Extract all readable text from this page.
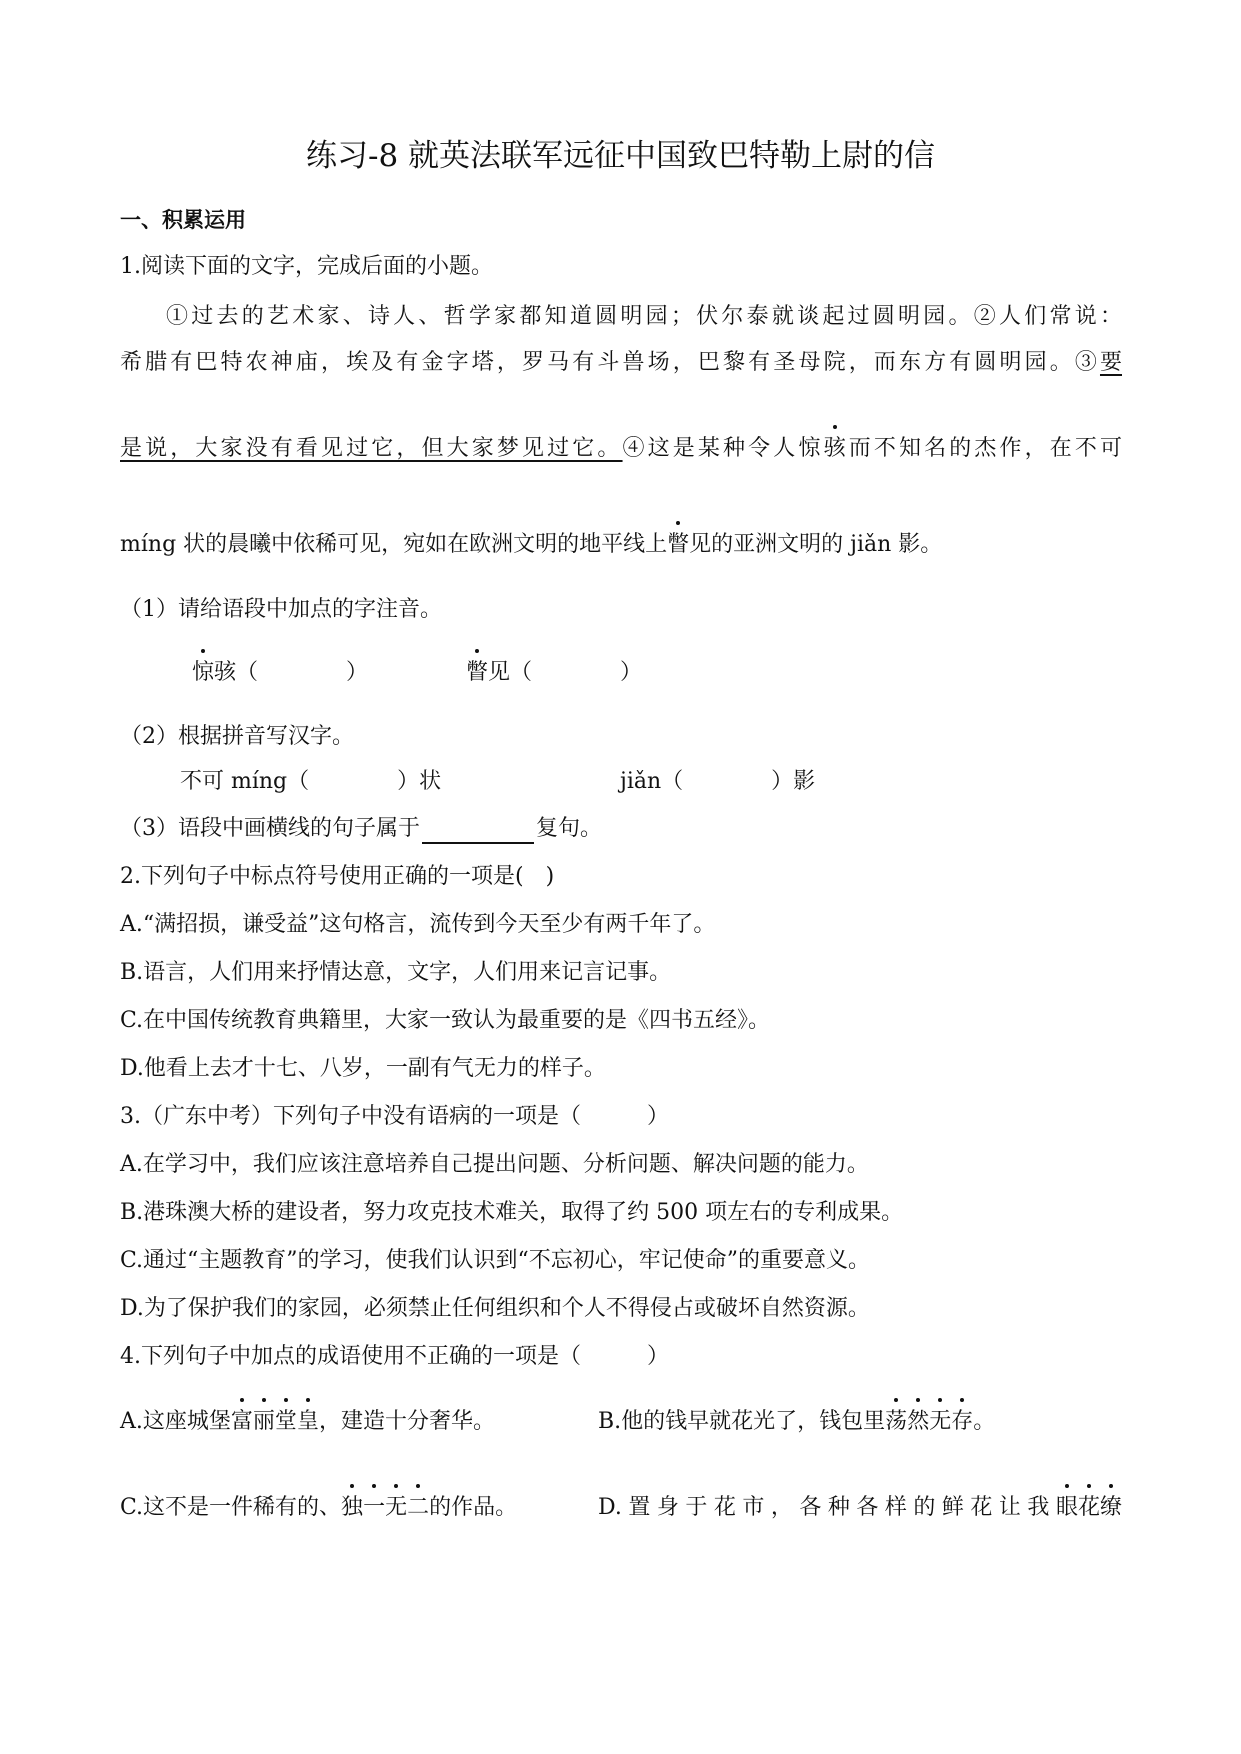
练习-8 就英法联军远征中国致巴特勒上尉的信
一、积累运用
1.阅读下面的文字，完成后面的小题。
①过去的艺术家、诗人、哲学家都知道圆明园；伏尔泰就谈起过圆明园。②人们常说：
希腊有巴特农神庙，埃及有金字塔，罗马有斗兽场，巴黎有圣母院，而东方有圆明园。③要
是说，大家没有看见过它，但大家梦见过它。④这是某种令人惊骇而不知名的杰作，在不可
míng 状的晨曦中依稀可见，宛如在欧洲文明的地平线上瞥见的亚洲文明的 jiǎn 影。
（1）请给语段中加点的字注音。
惊骇（　　　　）	瞥见（　　　　）
（2）根据拼音写汉字。
不可 míng（　　　　）状	jiǎn（　　　　）影
（3）语段中画横线的句子属于	复句。
2.下列句子中标点符号使用正确的一项是(　)
A.“满招损，谦受益”这句格言，流传到今天至少有两千年了。
B.语言，人们用来抒情达意，文字，人们用来记言记事。
C.在中国传统教育典籍里，大家一致认为最重要的是《四书五经》。
D.他看上去才十七、八岁，一副有气无力的样子。
3.（广东中考）下列句子中没有语病的一项是（　　　）
A.在学习中，我们应该注意培养自己提出问题、分析问题、解决问题的能力。
B.港珠澳大桥的建设者，努力攻克技术难关，取得了约 500 项左右的专利成果。
C.通过“主题教育”的学习，使我们认识到“不忘初心，牢记使命”的重要意义。
D.为了保护我们的家园，必须禁止任何组织和个人不得侵占或破坏自然资源。
4.下列句子中加点的成语使用不正确的一项是（　　　）
A.这座城堡富丽堂皇，建造十分奢华。	B.他的钱早就花光了，钱包里荡然无存。
C.这不是一件稀有的、独一无二的作品。	D.置身于花市，各种各样的鲜花让我眼花缭
